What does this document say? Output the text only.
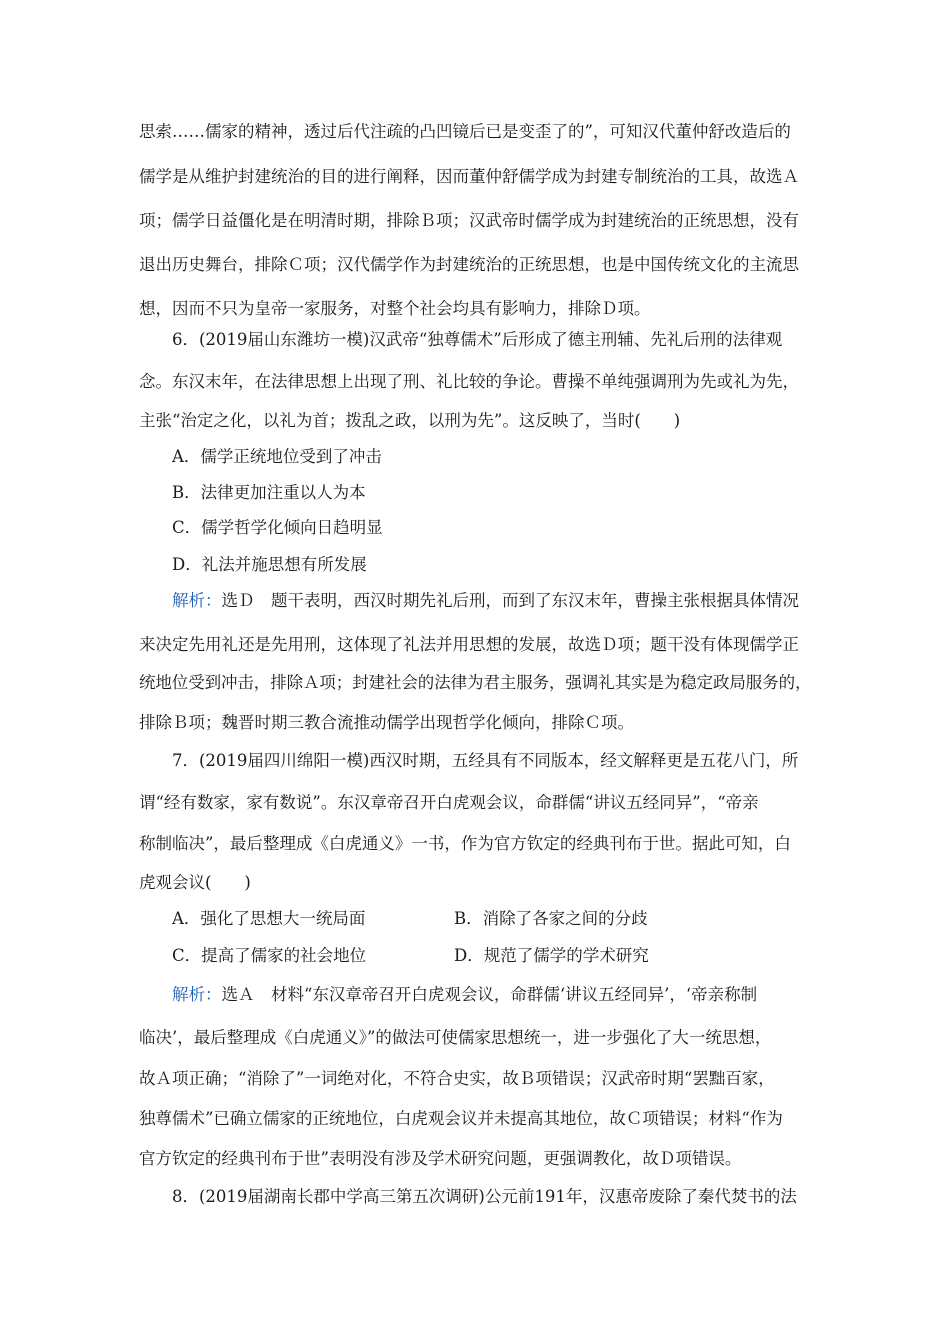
思索……儒家的精神，透过后代注疏的凸凹镜后已是变歪了的”，可知汉代董仲舒改造后的
儒学是从维护封建统治的目的进行阐释，因而董仲舒儒学成为封建专制统治的工具，故选Ａ
项；儒学日益僵化是在明清时期，排除Ｂ项；汉武帝时儒学成为封建统治的正统思想，没有
退出历史舞台，排除Ｃ项；汉代儒学作为封建统治的正统思想，也是中国传统文化的主流思
想，因而不只为皇帝一家服务，对整个社会均具有影响力，排除Ｄ项。
6．(2019届山东潍坊一模)汉武帝“独尊儒术”后形成了德主刑辅、先礼后刑的法律观
念。东汉末年，在法律思想上出现了刑、礼比较的争论。曹操不单纯强调刑为先或礼为先，
主张“治定之化，以礼为首；拨乱之政，以刑为先”。这反映了，当时(　　)
A．儒学正统地位受到了冲击
B．法律更加注重以人为本
C．儒学哲学化倾向日趋明显
D．礼法并施思想有所发展
解析：选Ｄ　题干表明，西汉时期先礼后刑，而到了东汉末年，曹操主张根据具体情况
来决定先用礼还是先用刑，这体现了礼法并用思想的发展，故选Ｄ项；题干没有体现儒学正
统地位受到冲击，排除Ａ项；封建社会的法律为君主服务，强调礼其实是为稳定政局服务的，
排除Ｂ项；魏晋时期三教合流推动儒学出现哲学化倾向，排除Ｃ项。
7．(2019届四川绵阳一模)西汉时期，五经具有不同版本，经文解释更是五花八门，所
谓“经有数家，家有数说”。东汉章帝召开白虎观会议，命群儒“讲议五经同异”，“帝亲
称制临决”，最后整理成《白虎通义》一书，作为官方钦定的经典刊布于世。据此可知，白
虎观会议(　　)
A．强化了思想大一统局面	B．消除了各家之间的分歧
C．提高了儒家的社会地位	D．规范了儒学的学术研究
解析：选Ａ　材料“东汉章帝召开白虎观会议，命群儒‘讲议五经同异’，‘帝亲称制
临决’，最后整理成《白虎通义》”的做法可使儒家思想统一，进一步强化了大一统思想，
故Ａ项正确；“消除了”一词绝对化，不符合史实，故Ｂ项错误；汉武帝时期“罢黜百家，
独尊儒术”已确立儒家的正统地位，白虎观会议并未提高其地位，故Ｃ项错误；材料“作为
官方钦定的经典刊布于世”表明没有涉及学术研究问题，更强调教化，故Ｄ项错误。
8．(2019届湖南长郡中学高三第五次调研)公元前191年，汉惠帝废除了秦代焚书的法
